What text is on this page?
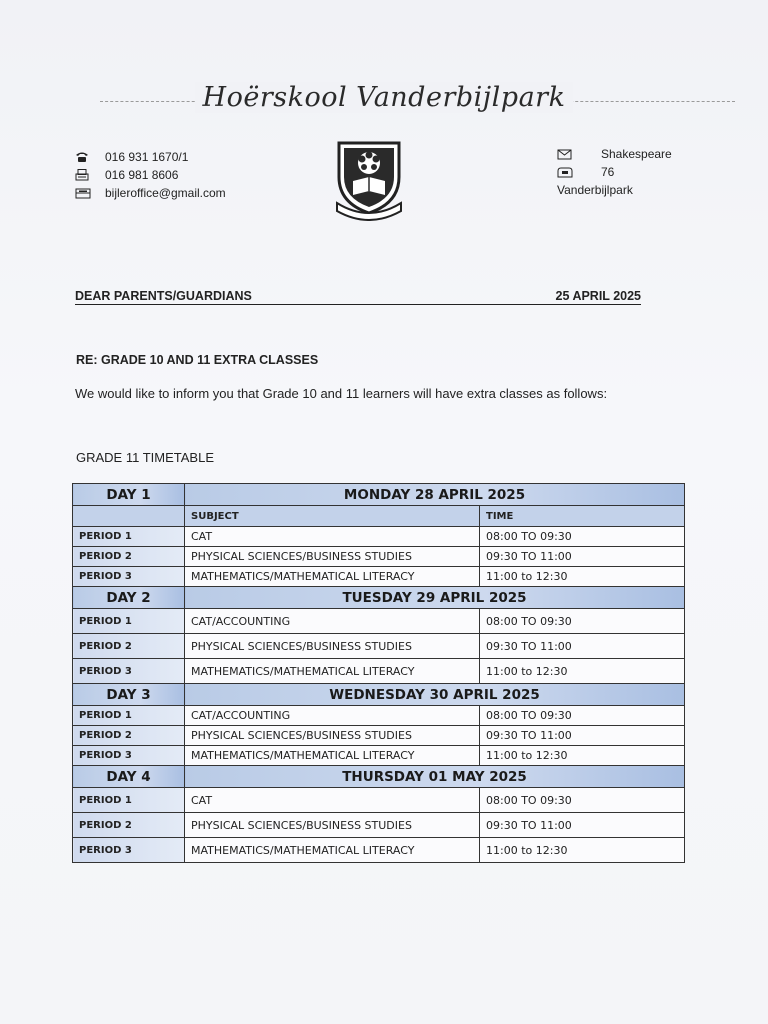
Hoërskool Vanderbijlpark
016 931 1670/1
016 981 8606
bijleroffice@gmail.com
Shakespeare
76
Vanderbijlpark
DEAR PARENTS/GUARDIANS	25 APRIL 2025
RE: GRADE 10 AND 11 EXTRA CLASSES
We would like to inform you that Grade 10 and 11 learners will have extra classes as follows:
GRADE 11 TIMETABLE
DAY 1	MONDAY 28 APRIL 2025	
	SUBJECT	TIME
PERIOD 1	CAT	08:00 TO 09:30
PERIOD 2	PHYSICAL SCIENCES/BUSINESS STUDIES	09:30 TO 11:00
PERIOD 3	MATHEMATICS/MATHEMATICAL LITERACY	11:00 to 12:30
DAY 2	TUESDAY 29 APRIL 2025	
PERIOD 1	CAT/ACCOUNTING	08:00 TO 09:30
PERIOD 2	PHYSICAL SCIENCES/BUSINESS STUDIES	09:30 TO 11:00
PERIOD 3	MATHEMATICS/MATHEMATICAL LITERACY	11:00 to 12:30
DAY 3	WEDNESDAY 30 APRIL 2025	
PERIOD 1	CAT/ACCOUNTING	08:00 TO 09:30
PERIOD 2	PHYSICAL SCIENCES/BUSINESS STUDIES	09:30 TO 11:00
PERIOD 3	MATHEMATICS/MATHEMATICAL LITERACY	11:00 to 12:30
DAY 4	THURSDAY 01 MAY 2025	
PERIOD 1	CAT	08:00 TO 09:30
PERIOD 2	PHYSICAL SCIENCES/BUSINESS STUDIES	09:30 TO 11:00
PERIOD 3	MATHEMATICS/MATHEMATICAL LITERACY	11:00 to 12:30
